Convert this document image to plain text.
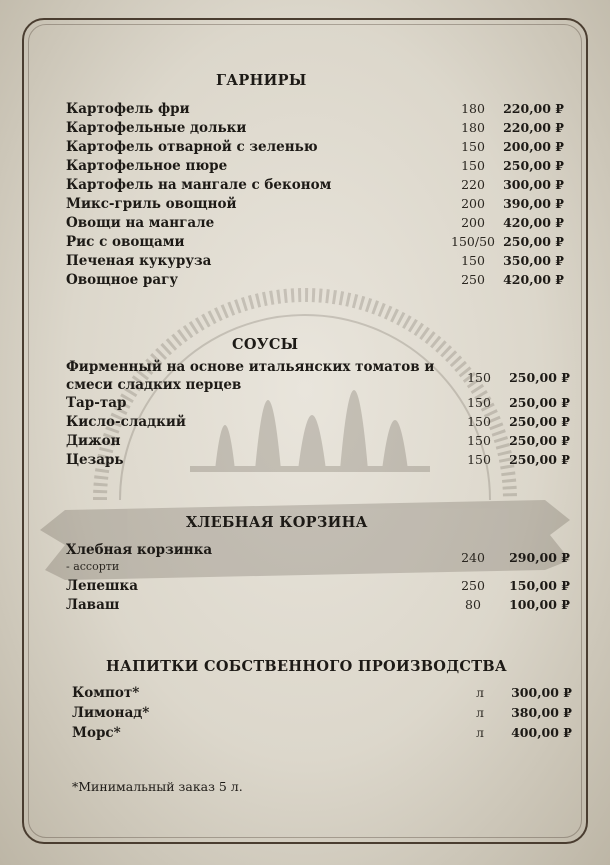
ГАРНИРЫ
Картофель фри	180	220,00 ₽
Картофельные дольки	180	220,00 ₽
Картофель отварной с зеленью	150	200,00 ₽
Картофельное пюре	150	250,00 ₽
Картофель на мангале с беконом	220	300,00 ₽
Микс-гриль овощной	200	390,00 ₽
Овощи на мангале	200	420,00 ₽
Рис с овощами	150/50 250,00 ₽
Печеная кукуруза	150	350,00 ₽
Овощное рагу	250	420,00 ₽
СОУСЫ
Фирменный на основе итальянских томатов и
смеси сладких перцев	150	250,00 ₽
Тар-тар	150	250,00 ₽
Кисло-сладкий	150	250,00 ₽
Дижон	150	250,00 ₽
Цезарь	150	250,00 ₽
ХЛЕБНАЯ КОРЗИНА
Хлебная корзинка
- ассорти
240	290,00 ₽
Лепешка	250	150,00 ₽
Лаваш	80	100,00 ₽
НАПИТКИ СОБСТВЕННОГО ПРОИЗВОДСТВА
Компот*	л	300,00 ₽
Лимонад*	л	380,00 ₽
Морс*	л	400,00 ₽
*Минимальный заказ 5 л.
